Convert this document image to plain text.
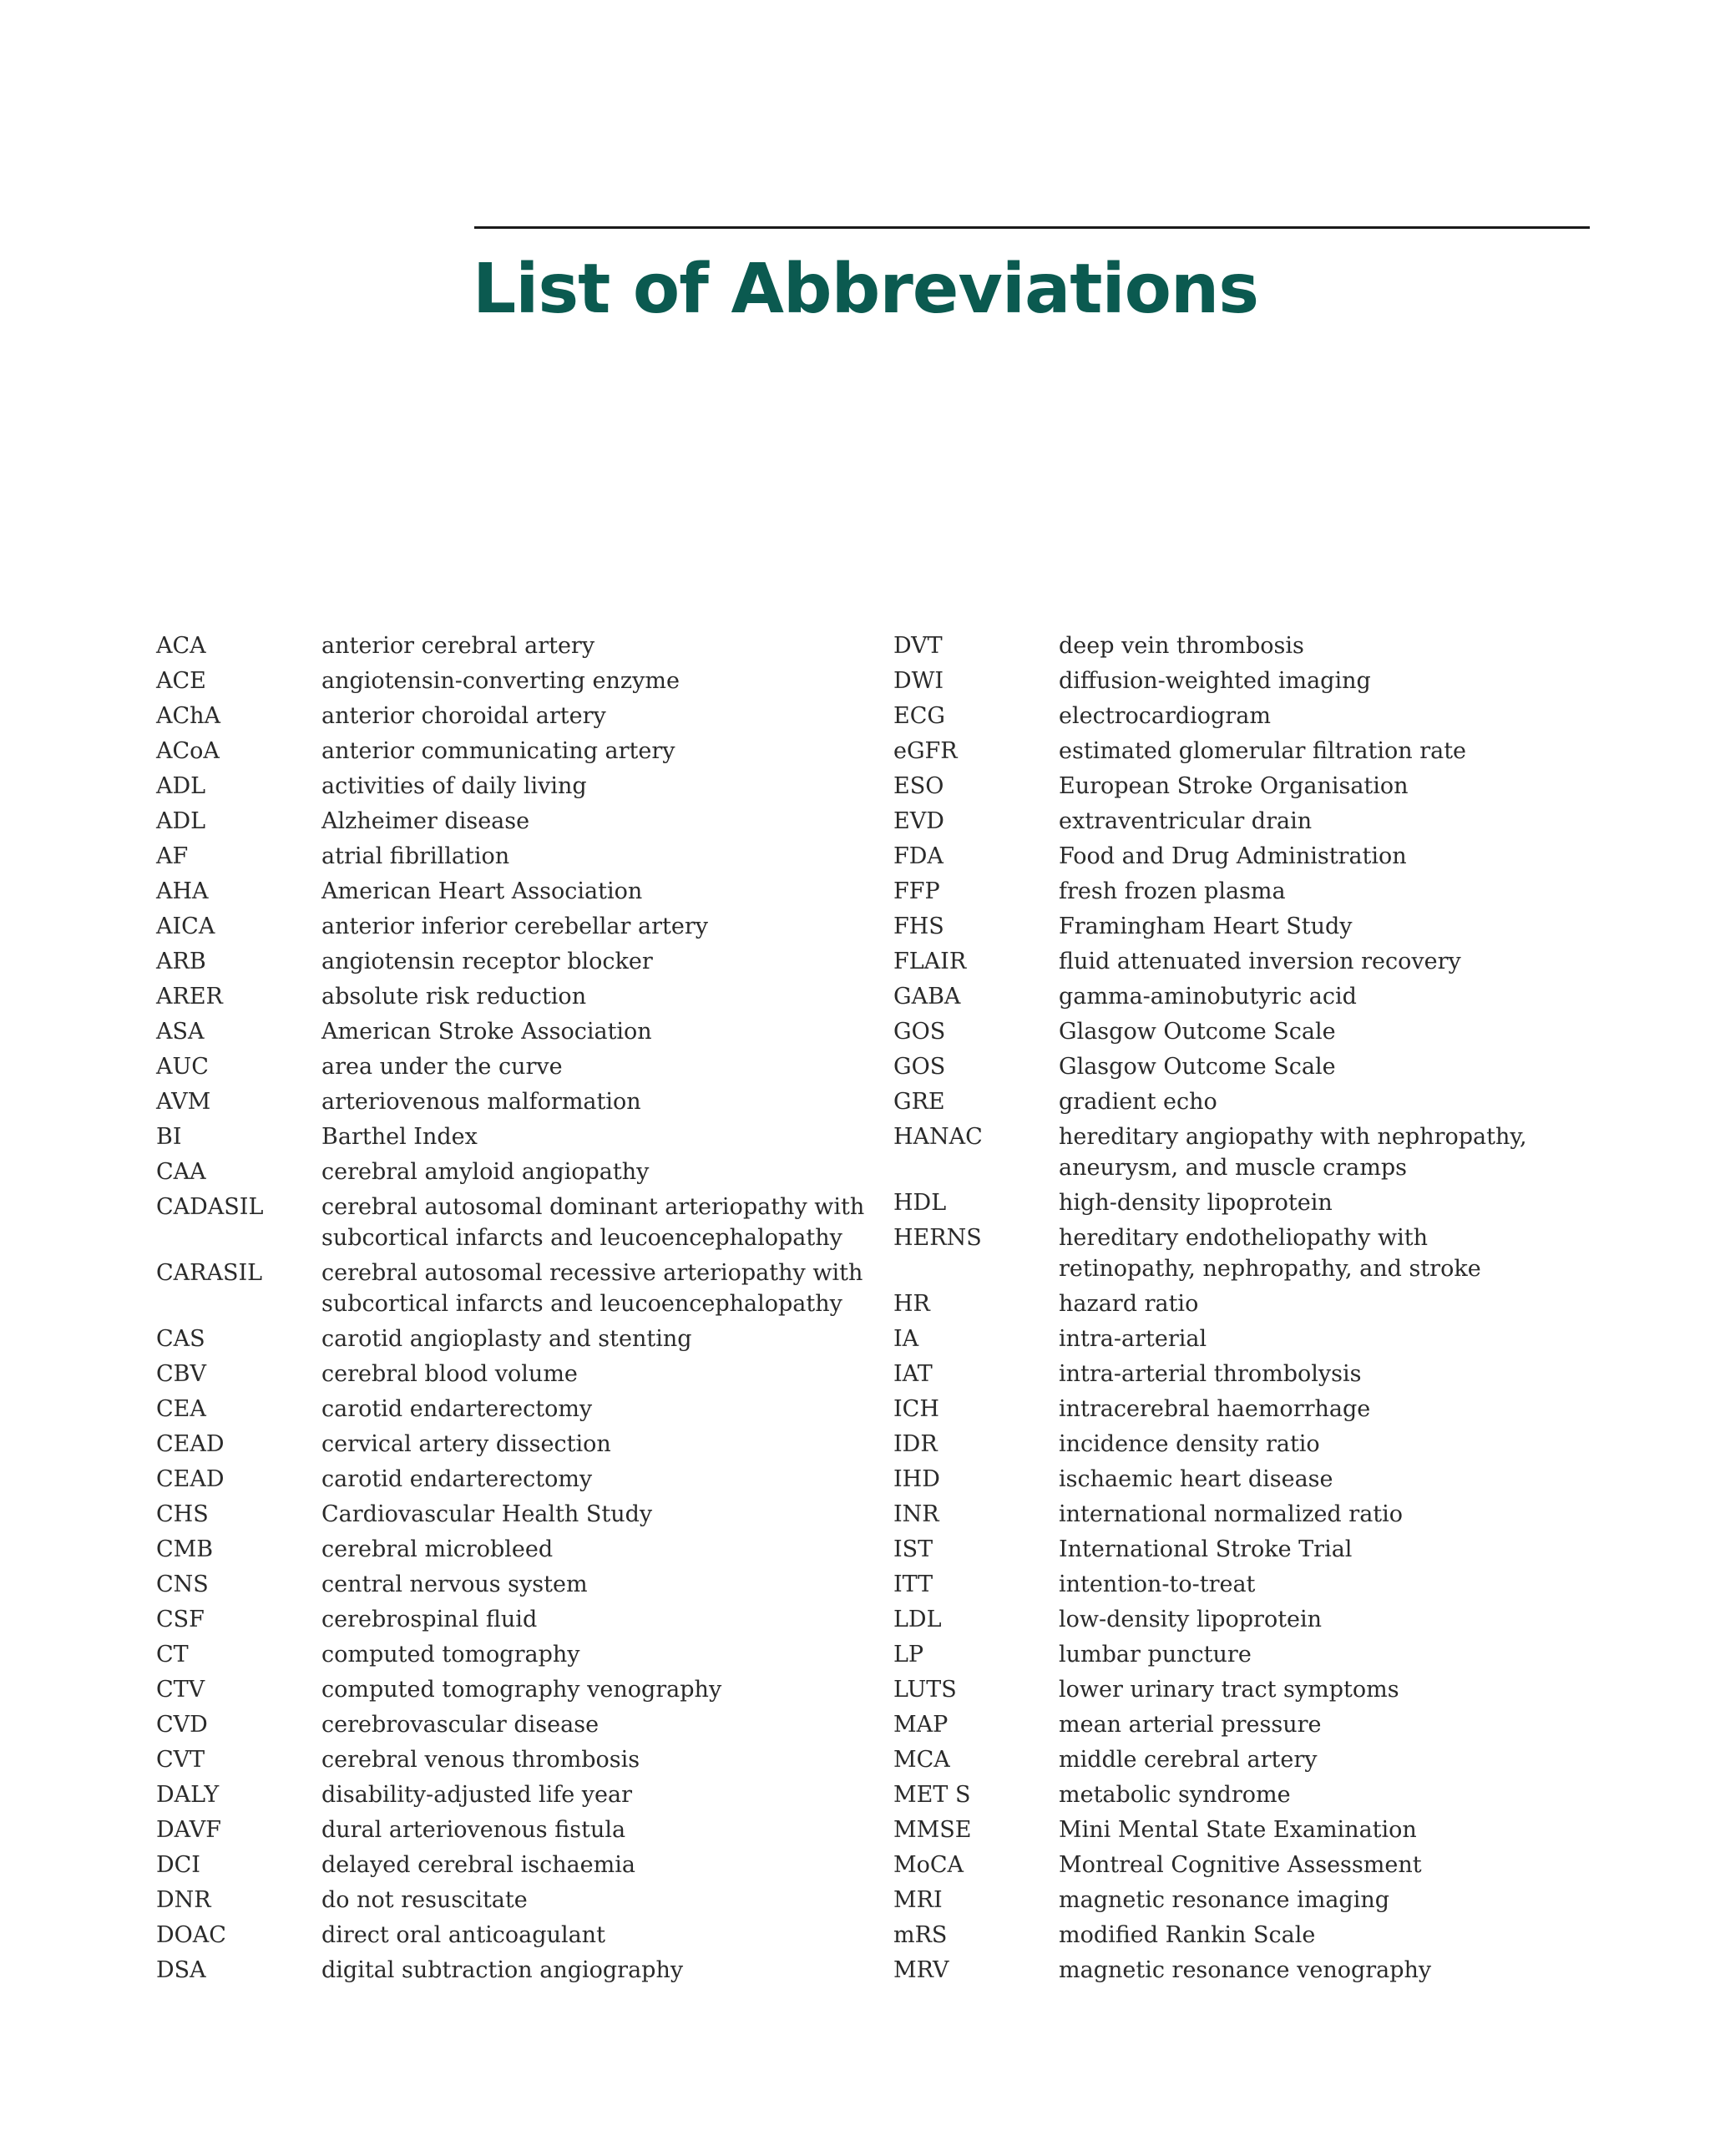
List of Abbreviations
ACA	anterior cerebral artery
ACE	angiotensin-converting enzyme
AChA	anterior choroidal artery
ACoA	anterior communicating artery
ADL	activities of daily living
ADL	Alzheimer disease
AF	atrial fibrillation
AHA	American Heart Association
AICA	anterior inferior cerebellar artery
ARB	angiotensin receptor blocker
ARER	absolute risk reduction
ASA	American Stroke Association
AUC	area under the curve
AVM	arteriovenous malformation
BI	Barthel Index
CAA	cerebral amyloid angiopathy
CADASIL	cerebral autosomal dominant arteriopathy with
subcortical infarcts and leucoencephalopathy
CARASIL	cerebral autosomal recessive arteriopathy with
subcortical infarcts and leucoencephalopathy
CAS	carotid angioplasty and stenting
CBV	cerebral blood volume
CEA	carotid endarterectomy
CEAD	cervical artery dissection
CEAD	carotid endarterectomy
CHS	Cardiovascular Health Study
CMB	cerebral microbleed
CNS	central nervous system
CSF	cerebrospinal fluid
CT	computed tomography
CTV	computed tomography venography
CVD	cerebrovascular disease
CVT	cerebral venous thrombosis
DALY	disability-adjusted life year
DAVF	dural arteriovenous fistula
DCI	delayed cerebral ischaemia
DNR	do not resuscitate
DOAC	direct oral anticoagulant
DSA	digital subtraction angiography
DVT	deep vein thrombosis
DWI	diffusion-weighted imaging
ECG	electrocardiogram
eGFR	estimated glomerular filtration rate
ESO	European Stroke Organisation
EVD	extraventricular drain
FDA	Food and Drug Administration
FFP	fresh frozen plasma
FHS	Framingham Heart Study
FLAIR	fluid attenuated inversion recovery
GABA	gamma-aminobutyric acid
GOS	Glasgow Outcome Scale
GOS	Glasgow Outcome Scale
GRE	gradient echo
HANAC	hereditary angiopathy with nephropathy,
aneurysm, and muscle cramps
HDL	high-density lipoprotein
HERNS	hereditary endotheliopathy with
retinopathy, nephropathy, and stroke
HR	hazard ratio
IA	intra-arterial
IAT	intra-arterial thrombolysis
ICH	intracerebral haemorrhage
IDR	incidence density ratio
IHD	ischaemic heart disease
INR	international normalized ratio
IST	International Stroke Trial
ITT	intention-to-treat
LDL	low-density lipoprotein
LP	lumbar puncture
LUTS	lower urinary tract symptoms
MAP	mean arterial pressure
MCA	middle cerebral artery
MET S	metabolic syndrome
MMSE	Mini Mental State Examination
MoCA	Montreal Cognitive Assessment
MRI	magnetic resonance imaging
mRS	modified Rankin Scale
MRV	magnetic resonance venography
